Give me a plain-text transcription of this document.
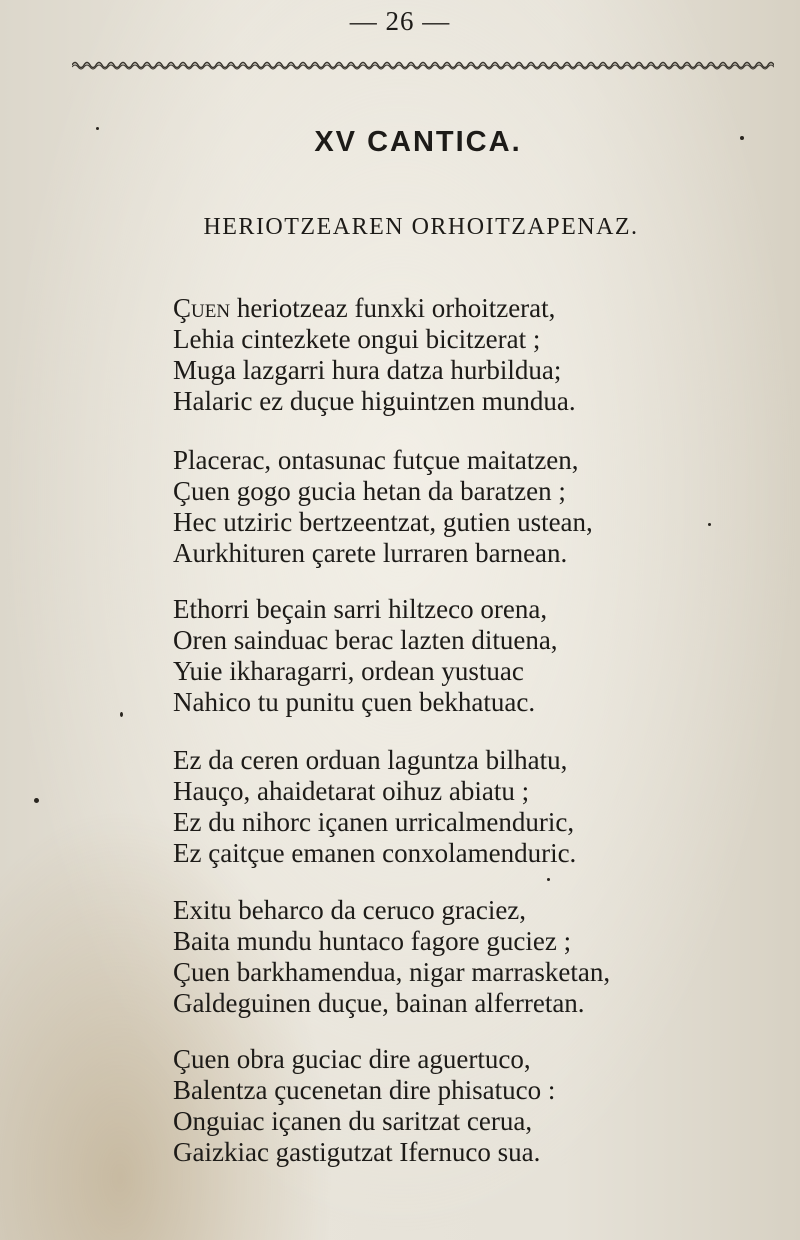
— 26 —
XV CANTICA.
HERIOTZEAREN ORHOITZAPENAZ.
Çuen heriotzeaz funxki orhoitzerat,
Lehia cintezkete ongui bicitzerat ;
Muga lazgarri hura datza hurbildua;
Halaric ez duçue higuintzen mundua.
Placerac, ontasunac futçue maitatzen,
Çuen gogo gucia hetan da baratzen ;
Hec utziric bertzeentzat, gutien ustean,
Aurkhituren çarete lurraren barnean.
Ethorri beçain sarri hiltzeco orena,
Oren sainduac berac lazten dituena,
Yuie ikharagarri, ordean yustuac
Nahico tu punitu çuen bekhatuac.
Ez da ceren orduan laguntza bilhatu,
Hauço, ahaidetarat oihuz abiatu ;
Ez du nihorc içanen urricalmenduric,
Ez çaitçue emanen conxolamenduric.
Exitu beharco da ceruco graciez,
Baita mundu huntaco fagore guciez ;
Çuen barkhamendua, nigar marrasketan,
Galdeguinen duçue, bainan alferretan.
Çuen obra guciac dire aguertuco,
Balentza çucenetan dire phisatuco :
Onguiac içanen du saritzat cerua,
Gaizkiac gastigutzat Ifernuco sua.
